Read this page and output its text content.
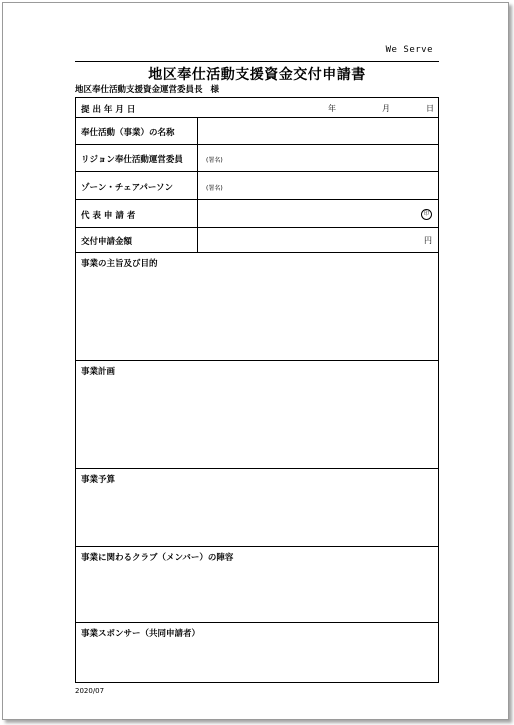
We Serve
地区奉仕活動支援資金交付申請書
地区奉仕活動支援資金運営委員長 様
提 出 年 月 日	年	月	日
奉仕活動（事業）の名称
リジョン奉仕活動運営委員	(署名)
ゾーン・チェアパーソン	(署名)
代 表 申 請 者	印
交付申請金額	円
事業の主旨及び目的
事業計画
事業予算
事業に関わるクラブ（メンバー）の陣容
事業スポンサー（共同申請者）
2020/07
